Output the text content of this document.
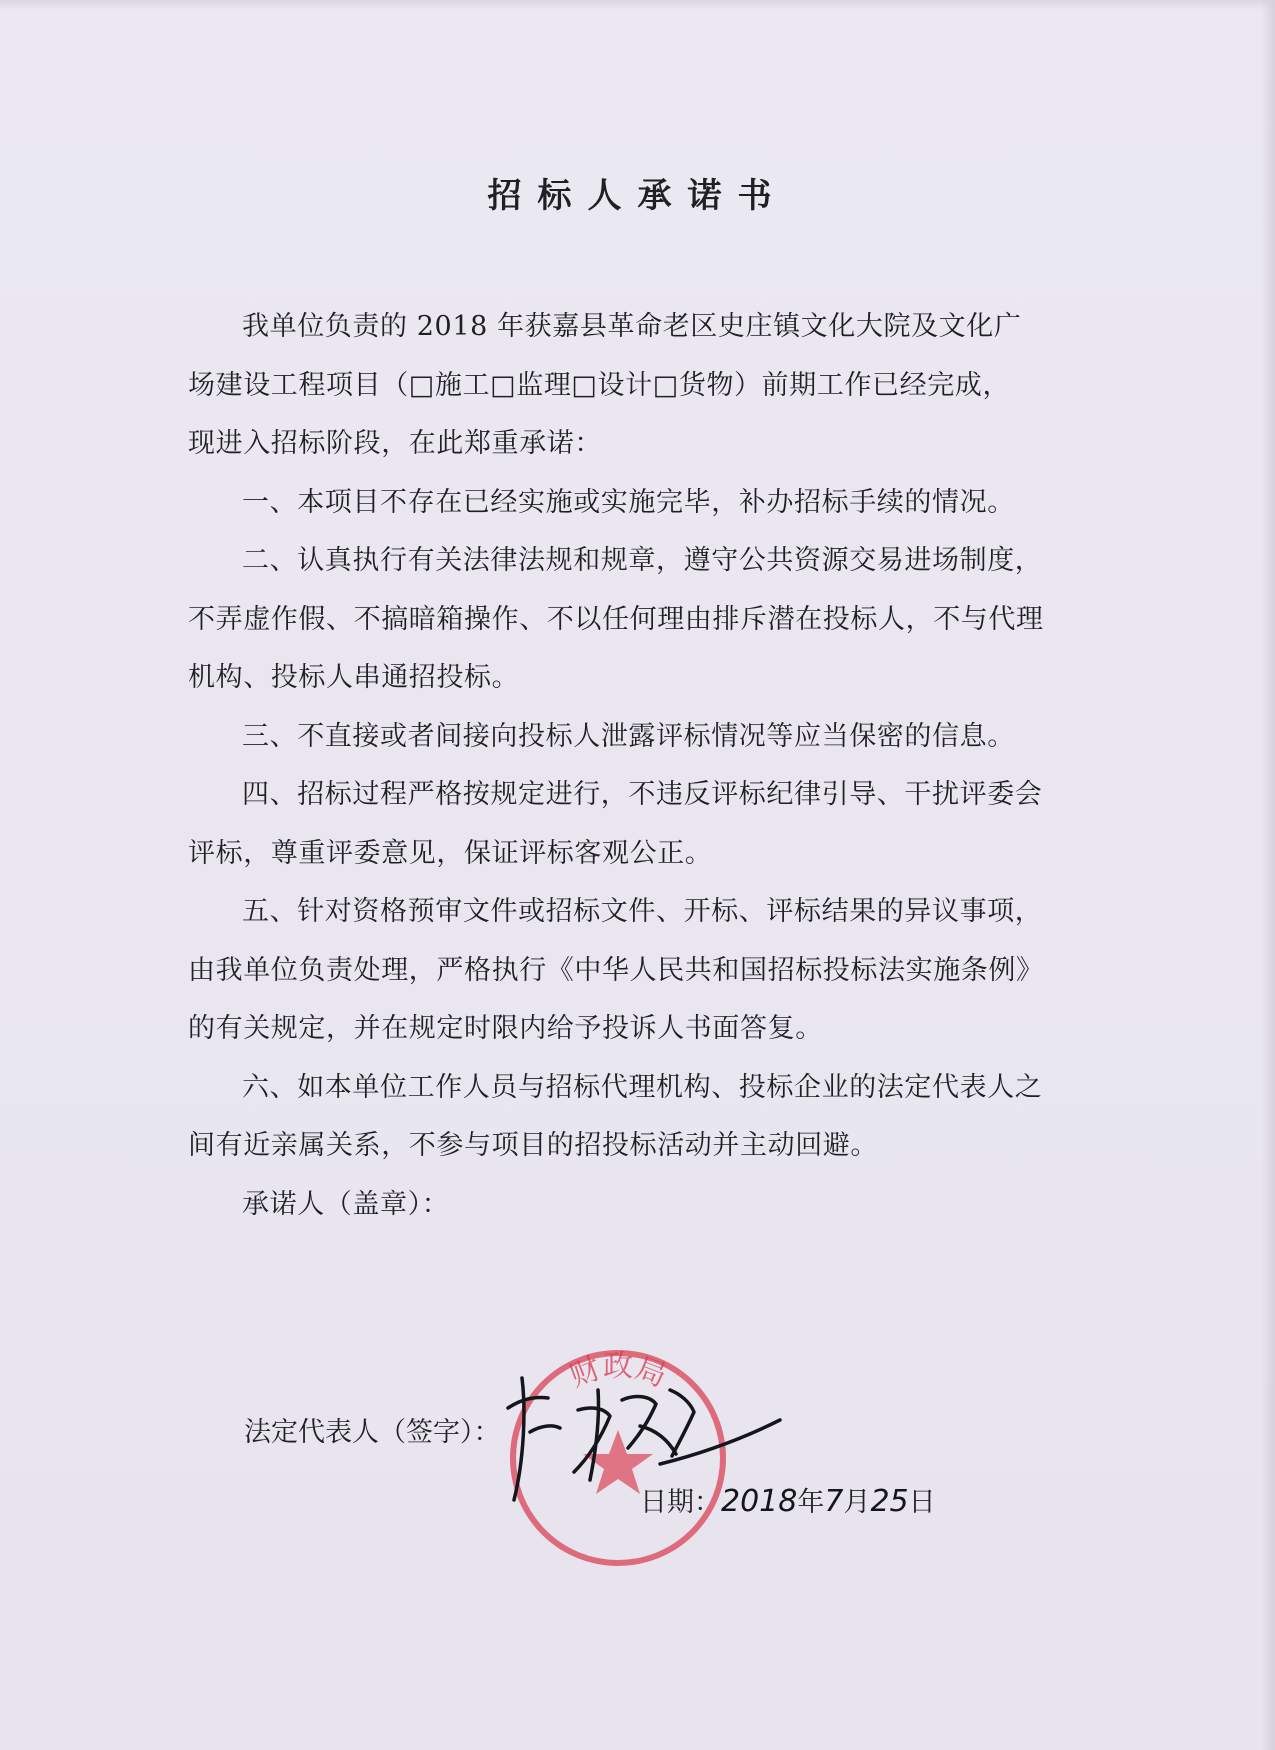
招标人承诺书

我单位负责的 2018 年获嘉县革命老区史庄镇文化大院及文化广

场建设工程项目（□施工□监理□设计□货物）前期工作已经完成，

现进入招标阶段，在此郑重承诺：

一、本项目不存在已经实施或实施完毕，补办招标手续的情况。

二、认真执行有关法律法规和规章，遵守公共资源交易进场制度，不弄虚作假、不搞暗箱操作、不以任何理由排斥潜在投标人，不与代理机构、投标人串通招投标。

三、不直接或者间接向投标人泄露评标情况等应当保密的信息。

四、招标过程严格按规定进行，不违反评标纪律引导、干扰评委会评标，尊重评委意见，保证评标客观公正。

五、针对资格预审文件或招标文件、开标、评标结果的异议事项，由我单位负责处理，严格执行《中华人民共和国招标投标法实施条例》的有关规定，并在规定时限内给予投诉人书面答复。

六、如本单位工作人员与招标代理机构、投标企业的法定代表人之间有近亲属关系，不参与项目的招投标活动并主动回避。

承诺人（盖章）：

法定代表人（签字）：
日期：2018年7月25日
财政局
